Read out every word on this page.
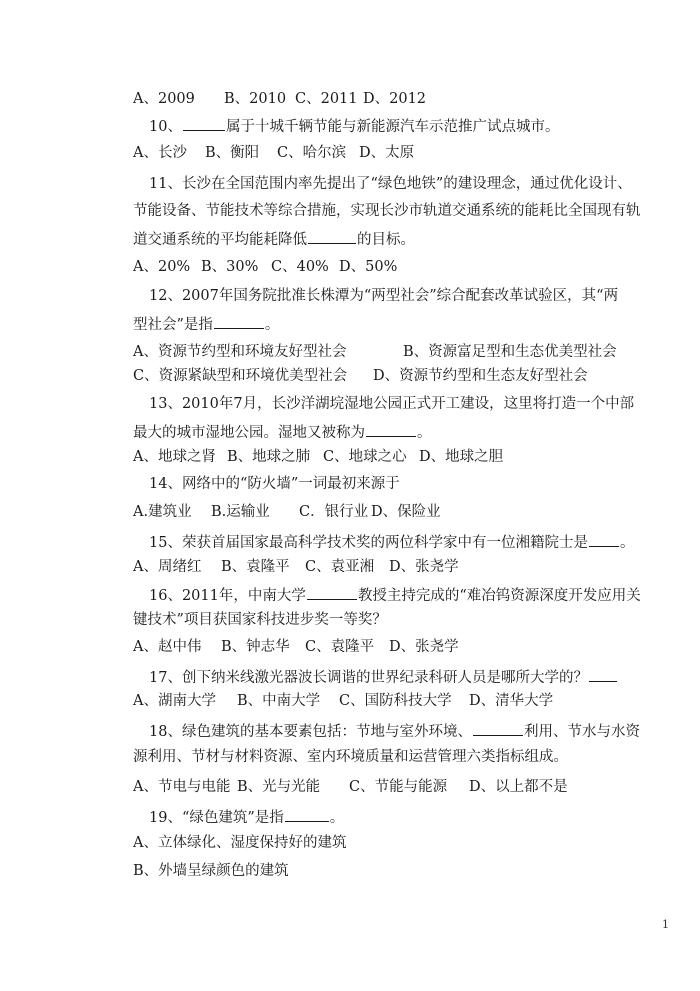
A、2009 B、2010 C、2011 D、2012
10、	属于十城千辆节能与新能源汽车示范推广试点城市。
A、长沙 B、衡阳 C、哈尔滨 D、太原
11、长沙在全国范围内率先提出了“绿色地铁”的建设理念，通过优化设计、
节能设备、节能技术等综合措施，实现长沙市轨道交通系统的能耗比全国现有轨
道交通系统的平均能耗降低	的目标。
A、20% B、30% C、40% D、50%
12、2007年国务院批准长株潭为“两型社会”综合配套改革试验区，其“两
型社会”是指	。
A、资源节约型和环境友好型社会	B、资源富足型和生态优美型社会
C、资源紧缺型和环境优美型社会 D、资源节约型和生态友好型社会
13、2010年7月，长沙洋湖垸湿地公园正式开工建设，这里将打造一个中部
最大的城市湿地公园。湿地又被称为	。
A、地球之肾 B、地球之肺 C、地球之心 D、地球之胆
14、网络中的“防火墙”一词最初来源于
A.建筑业 B.运输业 C．银行业 D、保险业
15、荣获首届国家最高科学技术奖的两位科学家中有一位湘籍院士是 。
A、周绪红 B、袁隆平 C、袁亚湘 D、张尧学
16、2011年，中南大学	教授主持完成的“难冶钨资源深度开发应用关
键技术”项目获国家科技进步奖一等奖？
A、赵中伟 B、钟志华 C、袁隆平 D、张尧学
17、创下纳米线激光器波长调谐的世界纪录科研人员是哪所大学的？
A、湖南大学 B、中南大学 C、国防科技大学 D、清华大学
18、绿色建筑的基本要素包括：节地与室外环境、	利用、节水与水资
源利用、节材与材料资源、室内环境质量和运营管理六类指标组成。
A、节电与电能 B、光与光能 C、节能与能源 D、以上都不是
19、“绿色建筑”是指	。
A、立体绿化、湿度保持好的建筑
B、外墙呈绿颜色的建筑
1
